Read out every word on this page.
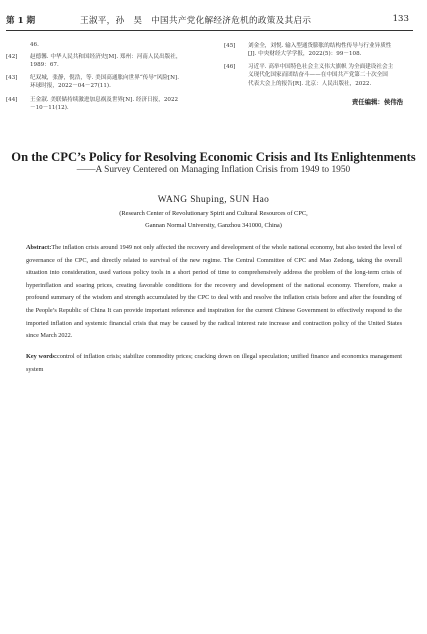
第 1 期	王淑平，孙　昊　中国共产党化解经济危机的政策及其启示	133
46.
[42]	赵德馨. 中华人民共和国经济史[M]. 郑州：河南人民出版社，
1989：67.
[43]	纪双城，张静，倪浩，等. 美国高通胀向世界“传导”风险[N].
环球时报，2022－04－27(11).
[44]	王金淑. 美联储持续激进加息祸及世界[N]. 经济日报，2022
－10－11(12).
[45]	刘金全，刘悦. 输入型通货膨胀的结构性传导与行业异质性
[J]. 中央财经大学学报，2022(5)：99－108.
[46]	习近平. 高举中国特色社会主义伟大旗帜 为全面建设社会主
义现代化国家而团结奋斗——在中国共产党第二十次全国
代表大会上的报告[R]. 北京：人民出版社，2022.
责任编辑：侯伟浩
On the CPC’s Policy for Resolving Economic Crisis and Its Enlightenments
——A Survey Centered on Managing Inflation Crisis from 1949 to 1950
WANG Shuping, SUN Hao
(Research Center of Revolutionary Spirit and Cultural Resources of CPC,
Gannan Normal University, Ganzhou 341000, China)
Abstract:The inflation crisis around 1949 not only affected the recovery and development of the whole national economy, but also tested the level of governance of the CPC, and directly related to survival of the new regime. The Central Committee of CPC and Mao Zedong, taking the overall situation into consideration, used various policy tools in a short period of time to comprehensively address the problem of the long-term crisis of hyperinflation and soaring prices, creating favorable conditions for the recovery and development of the national economy. Therefore, make a profound summary of the wisdom and strength accumulated by the CPC to deal with and resolve the inflation crisis before and after the founding of the People’s Republic of China It can provide important reference and inspiration for the current Chinese Government to effectively respond to the imported inflation and systemic financial crisis that may be caused by the radical interest rate increase and contraction policy of the United States since March 2022.
Key words:control of inflation crisis; stabilize commodity prices; cracking down on illegal speculation; unified finance and economics management system
